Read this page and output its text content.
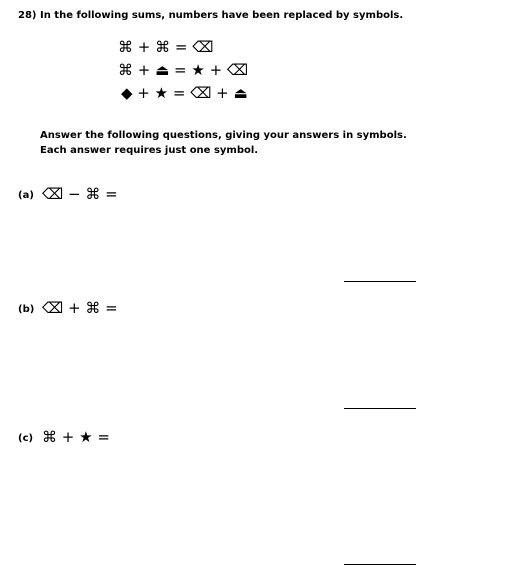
28) In the following sums, numbers have been replaced by symbols.
⌘ + ⌘ = ⌫
⌘ + ⏏ = ★ + ⌫
◆ + ★ = ⌫ + ⏏
Answer the following questions, giving your answers in symbols.
Each answer requires just one symbol.
(a) ⌫ − ⌘ =
(b) ⌫ + ⌘ =
(c) ⌘ + ★ =
